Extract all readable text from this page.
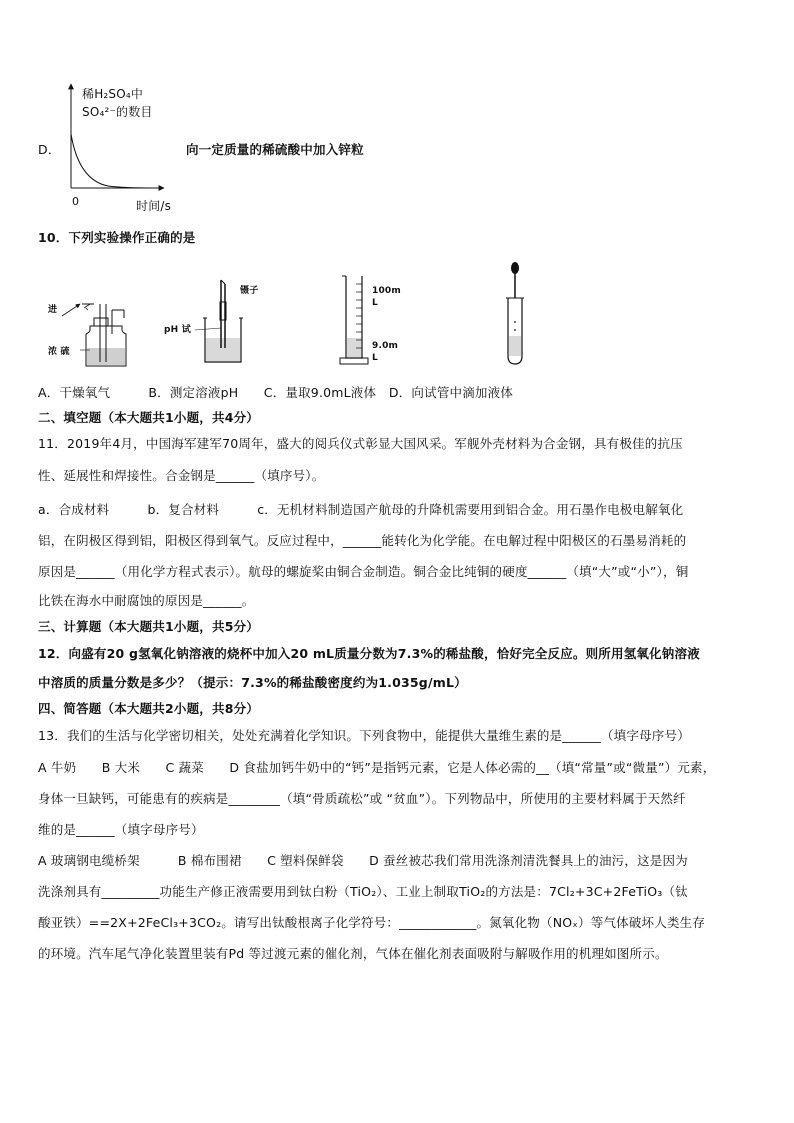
D．
稀H₂SO₄中
SO₄²⁻的数目
0	时间/s
向一定质量的稀硫酸中加入锌粒
10．下列实验操作正确的是
进
浓 硫
镊子
pH 试
100m
L
9.0m
L
A．干燥氧气　　　B．测定溶液pH　　C．量取9.0mL液体　D．向试管中滴加液体
二、填空题（本大题共1小题，共4分）
11．2019年4月，中国海军建军70周年，盛大的阅兵仪式彰显大国风采。军舰外壳材料为合金钢，具有极佳的抗压
性、延展性和焊接性。合金钢是______（填序号）。
a．合成材料　　　b．复合材料　　　c．无机材料制造国产航母的升降机需要用到铝合金。用石墨作电极电解氧化
铝，在阴极区得到铝，阳极区得到氧气。反应过程中，______能转化为化学能。在电解过程中阳极区的石墨易消耗的
原因是______（用化学方程式表示）。航母的螺旋桨由铜合金制造。铜合金比纯铜的硬度______（填“大”或“小”），铜
比铁在海水中耐腐蚀的原因是______。
三、计算题（本大题共1小题，共5分）
12．向盛有20 g氢氧化钠溶液的烧杯中加入20 mL质量分数为7.3%的稀盐酸，恰好完全反应。则所用氢氧化钠溶液
中溶质的质量分数是多少？（提示：7.3%的稀盐酸密度约为1.035g/mL）
四、简答题（本大题共2小题，共8分）
13．我们的生活与化学密切相关，处处充满着化学知识。下列食物中，能提供大量维生素的是______（填字母序号）
A 牛奶　　B 大米　　C 蔬菜　　D 食盐加钙牛奶中的“钙”是指钙元素，它是人体必需的__（填“常量”或“微量”）元素，
身体一旦缺钙，可能患有的疾病是________（填“骨质疏松”或 “贫血”）。下列物品中，所使用的主要材料属于天然纤
维的是______（填字母序号）
A 玻璃钢电缆桥架　　　B 棉布围裙　　C 塑料保鲜袋　　D 蚕丝被芯我们常用洗涤剂清洗餐具上的油污，这是因为
洗涤剂具有_________功能生产修正液需要用到钛白粉（TiO₂）、工业上制取TiO₂的方法是：7Cl₂+3C+2FeTiO₃（钛
酸亚铁）==2X+2FeCl₃+3CO₂。请写出钛酸根离子化学符号：____________。氮氧化物（NOₓ）等气体破坏人类生存
的环境。汽车尾气净化装置里装有Pd 等过渡元素的催化剂，气体在催化剂表面吸附与解吸作用的机理如图所示。
